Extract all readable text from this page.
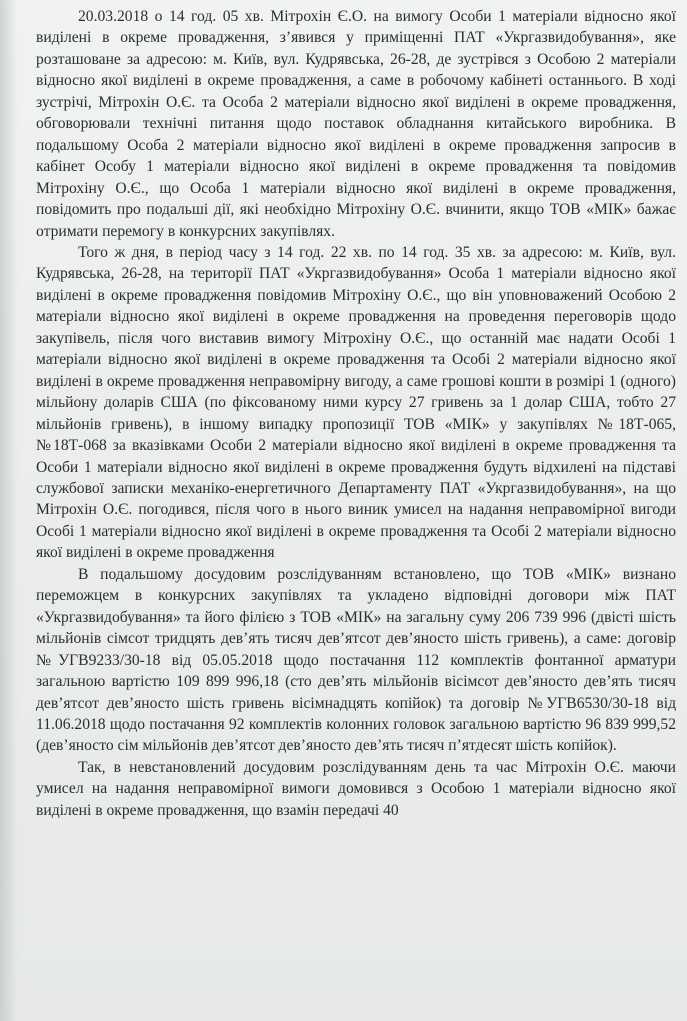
20.03.2018 о 14 год. 05 хв. Мітрохін Є.О. на вимогу Особи 1 матеріали відносно якої виділені в окреме провадження, з’явився у приміщенні ПАТ «Укргазвидобування», яке розташоване за адресою: м. Київ, вул. Кудрявська, 26-28, де зустрівся з Особою 2 матеріали відносно якої виділені в окреме провадження, а саме в робочому кабінеті останнього. В ході зустрічі, Мітрохін О.Є. та Особа 2 матеріали відносно якої виділені в окреме провадження, обговорювали технічні питання щодо поставок обладнання китайського виробника. В подальшому Особа 2 матеріали відносно якої виділені в окреме провадження запросив в кабінет Особу 1 матеріали відносно якої виділені в окреме провадження та повідомив Мітрохіну О.Є., що Особа 1 матеріали відносно якої виділені в окреме провадження, повідомить про подальші дії, які необхідно Мітрохіну О.Є. вчинити, якщо ТОВ «МІК» бажає отримати перемогу в конкурсних закупівлях.

Того ж дня, в період часу з 14 год. 22 хв. по 14 год. 35 хв. за адресою: м. Київ, вул. Кудрявська, 26-28, на території ПАТ «Укргазвидобування» Особа 1 матеріали відносно якої виділені в окреме провадження повідомив Мітрохіну О.Є., що він уповноважений Особою 2 матеріали відносно якої виділені в окреме провадження на проведення переговорів щодо закупівель, після чого виставив вимогу Мітрохіну О.Є., що останній має надати Особі 1 матеріали відносно якої виділені в окреме провадження та Особі 2 матеріали відносно якої виділені в окреме провадження неправомірну вигоду, а саме грошові кошти в розмірі 1 (одного) мільйону доларів США (по фіксованому ними курсу 27 гривень за 1 долар США, тобто 27 мільйонів гривень), в іншому випадку пропозиції ТОВ «МІК» у закупівлях №18Т-065, №18Т-068 за вказівками Особи 2 матеріали відносно якої виділені в окреме провадження та Особи 1 матеріали відносно якої виділені в окреме провадження будуть відхилені на підставі службової записки механіко-енергетичного Департаменту ПАТ «Укргазвидобування», на що Мітрохін О.Є. погодився, після чого в нього виник умисел на надання неправомірної вигоди Особі 1 матеріали відносно якої виділені в окреме провадження та Особі 2 матеріали відносно якої виділені в окреме провадження

В подальшому досудовим розслідуванням встановлено, що ТОВ «МІК» визнано переможцем в конкурсних закупівлях та укладено відповідні договори між ПАТ «Укргазвидобування» та його філією з ТОВ «МІК» на загальну суму 206 739 996 (двісті шість мільйонів сімсот тридцять дев’ять тисяч дев’ятсот дев’яносто шість гривень), а саме: договір №УГВ9233/30-18 від 05.05.2018 щодо постачання 112 комплектів фонтанної арматури загальною вартістю 109 899 996,18 (сто дев’ять мільйонів вісімсот дев’яносто дев’ять тисяч дев’ятсот дев’яносто шість гривень вісімнадцять копійок) та договір №УГВ6530/30-18 від 11.06.2018 щодо постачання 92 комплектів колонних головок загальною вартістю 96 839 999,52 (дев’яносто сім мільйонів дев’ятсот дев’яносто дев’ять тисяч п’ятдесят шість копійок).

Так, в невстановлений досудовим розслідуванням день та час Мітрохін О.Є. маючи умисел на надання неправомірної вимоги домовився з Особою 1 матеріали відносно якої виділені в окреме провадження, що взамін передачі 40
